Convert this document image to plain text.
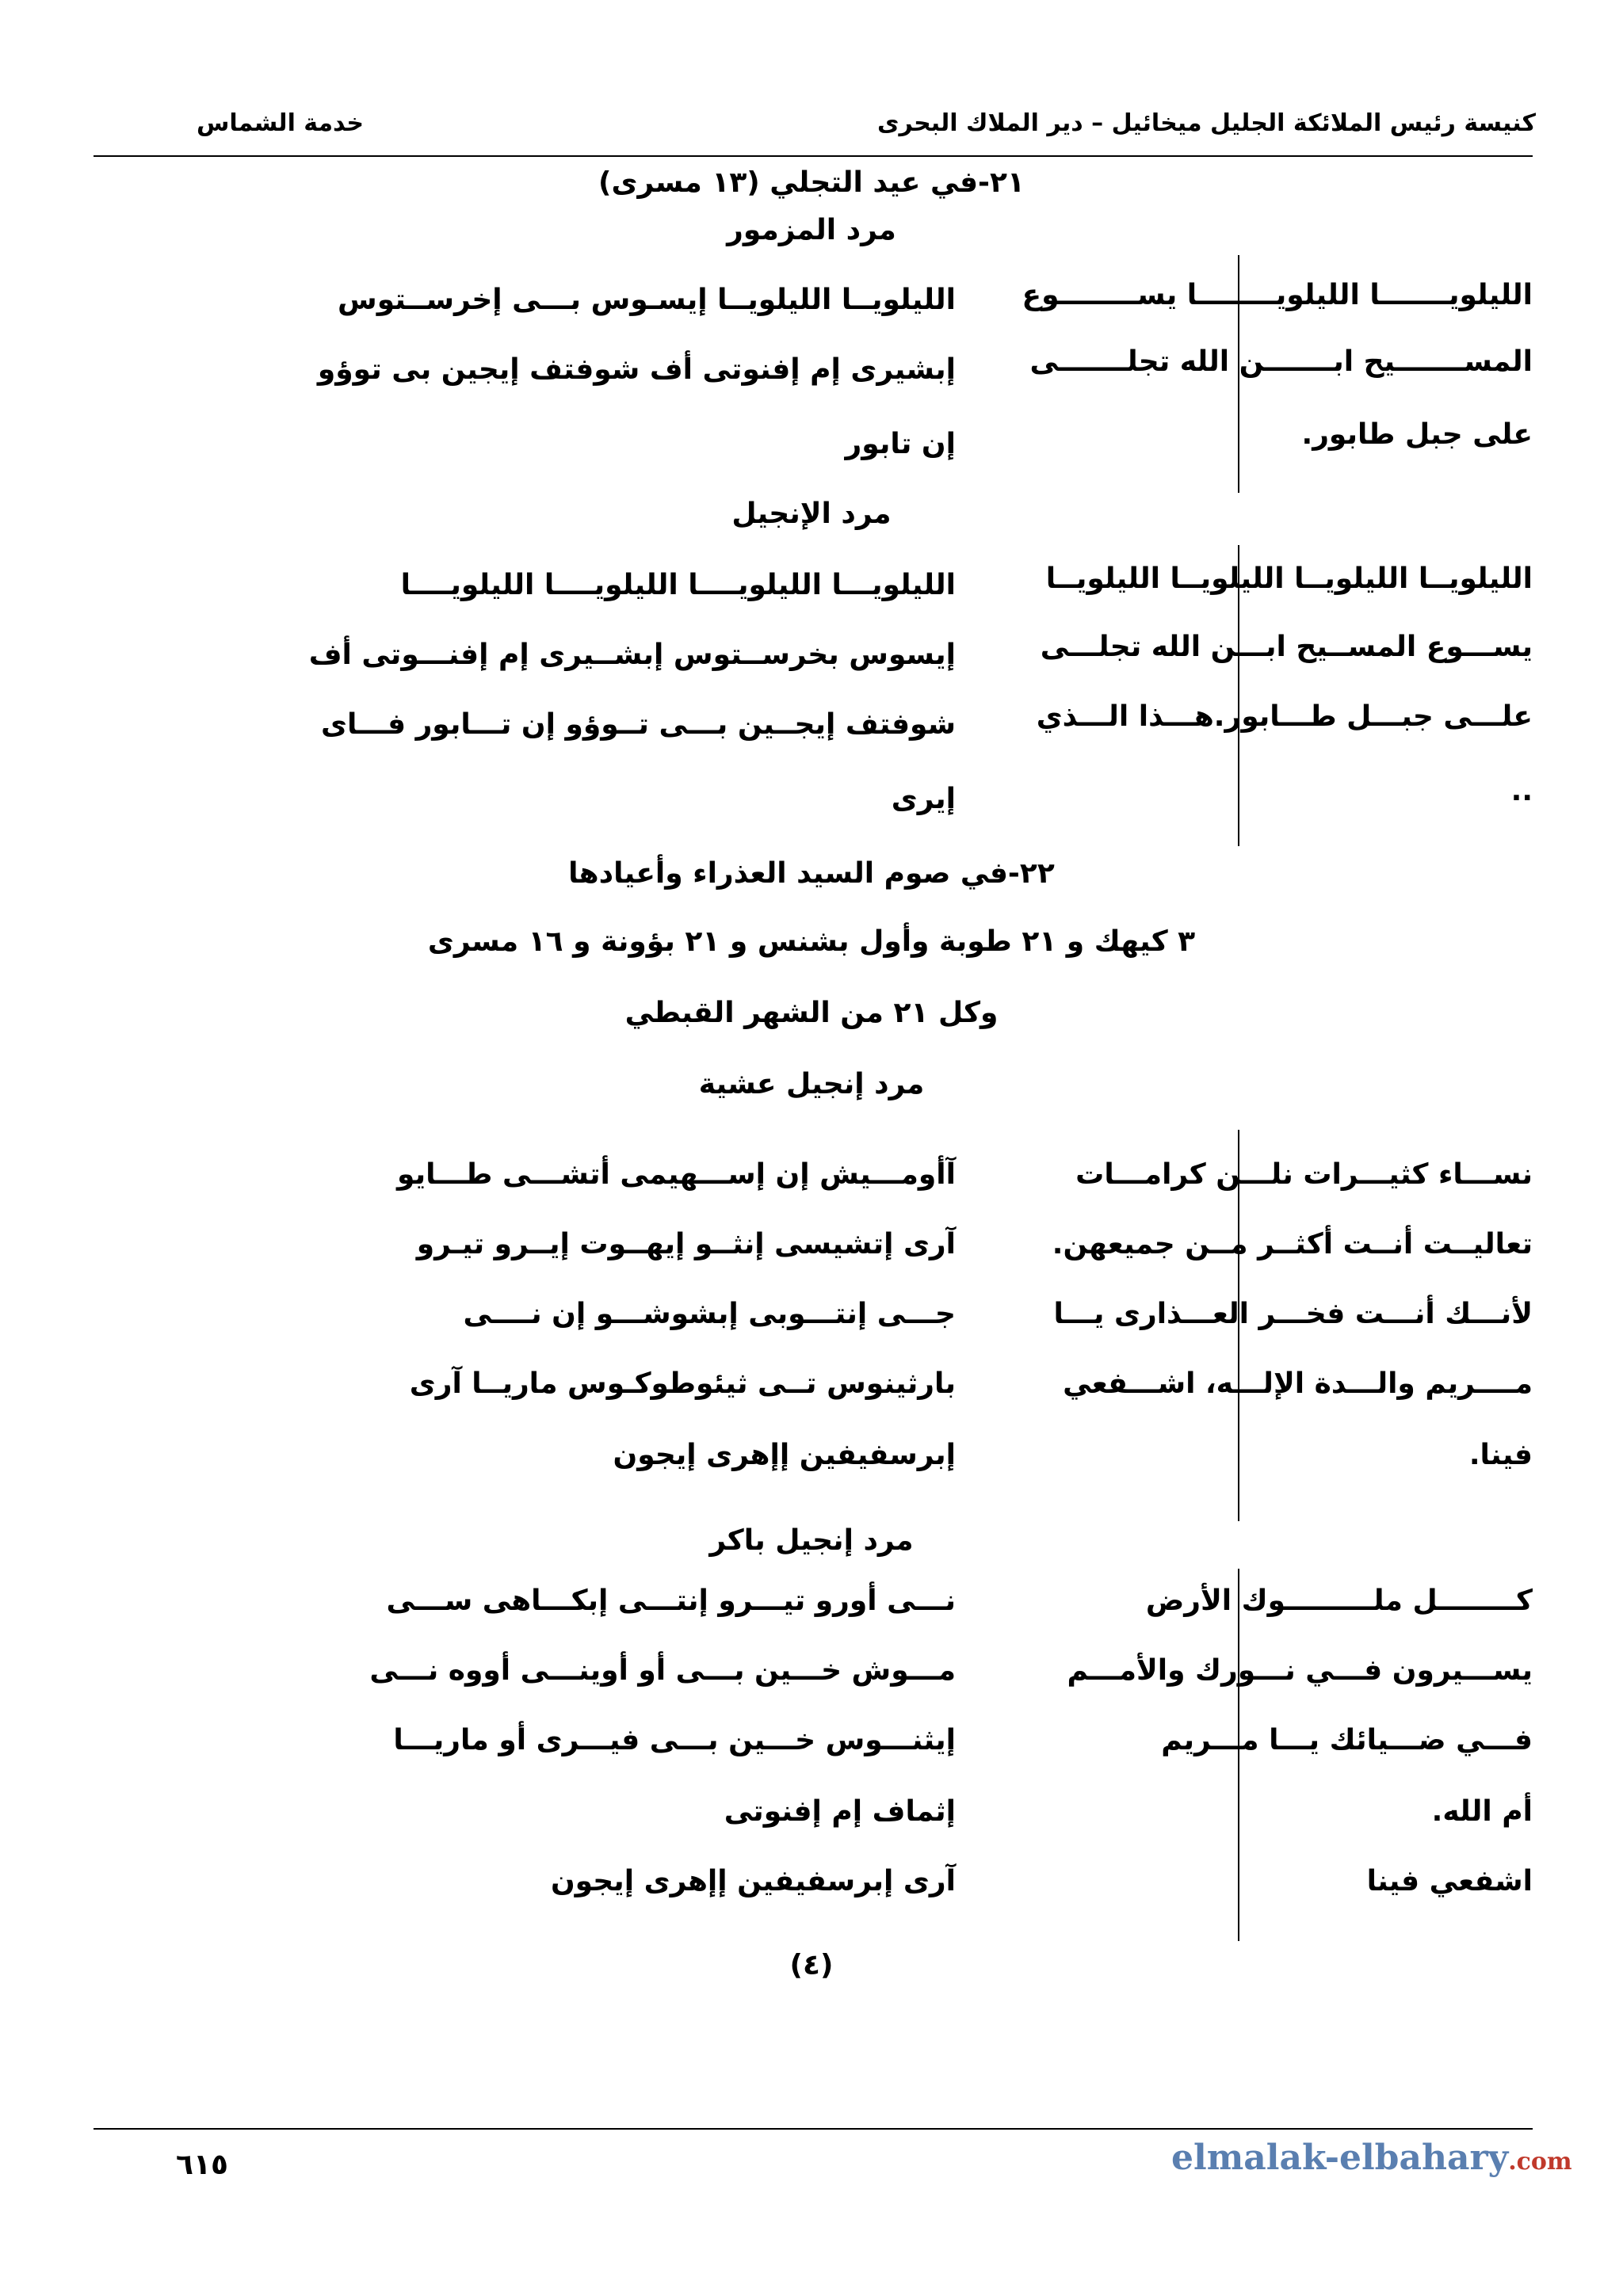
كنيسة رئيس الملائكة الجليل ميخائيل – دير الملاك البحرى
خدمة الشماس
٢١-في عيد التجلي (١٣ مسرى)
مرد المزمور
الليلويـــــــا الليلويــــــــا يســــــــوع
المســـــــيح ابـــــــن الله تجلـــــــى
على جبل طابور.
الليلويــا الليلويــا إيسـوس بـــى إخرســتوس
إبشيرى إم إفنوتى أف شوفتف إيجين بى توؤو
إن تابور
مرد الإنجيل
الليلويــا الليلويــا الليلويــا الليلويــا
يســـوع المســيح ابـــن الله تجلـــى
علـــى جبـــل طـــابور.هـــذا الـــذي
..
الليلويـــا الليلويــــا الليلويــــا الليلويــــا
إيسوس بخرســتوس إبشــيرى إم إفنـــوتى أف
شوفتف إيجــين بـــى تــوؤو إن تـــابور فـــاى
إيرى
٢٢-في صوم السيد العذراء وأعيادها
٣ كيهك و ٢١ طوبة وأول بشنس و ٢١ بؤونة و ١٦ مسرى
وكل ٢١ من الشهر القبطي
مرد إنجيل عشية
نســـاء كثيـــرات نلـــن كرامـــات
تعاليــت أنــت أكثــر مــن جميعهن.
لأنـــك أنـــت فخـــر العـــذارى يـــا
مــــريم والـــدة الإلـــه، اشـــفعي
فينا.
آأومـــيش إن إســـهيمى أتشـــى طـــايو
آرى إتشيسى إنثــو إيهــوت إيــرو تيـرو
جـــى إنتـــوبى إبشوشـــو إن نــــى
بارثينوس تــى ثيئوطوكـوس ماريــا آرى
إبرسفيفين إإهرى إيجون
مرد إنجيل باكر
كــــــــل ملـــــــــوك الأرض
يســـيرون فـــي نـــورك والأمـــم
فـــي ضـــيائك يـــا مـــريم
أم الله.
اشفعي فينا
نـــى أورو تيـــرو إنتـــى إبكـــاهى ســـى
مـــوش خـــين بـــى أو أوينـــى أووه نـــى
إيثنـــوس خـــين بـــى فيـــرى أو ماريـــا
إثماف إم إفنوتى
آرى إبرسفيفين إإهرى إيجون
(٤)
٦١٥	elmalak-elbahary.com
